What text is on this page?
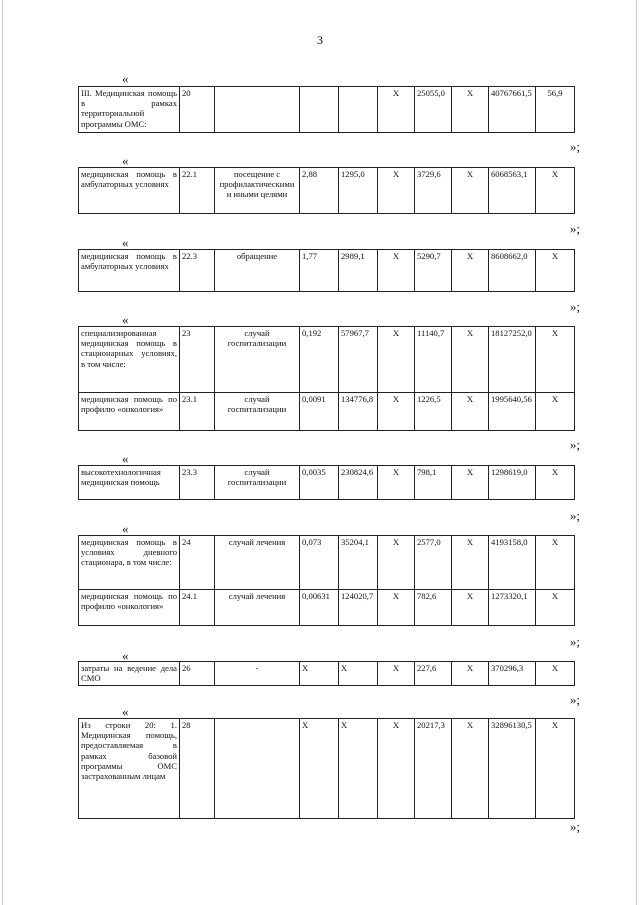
3
«
III. Медицинская помощь в рамках территориальной программы ОМС:	20				X	25055,0	X	40767661,5	56,9
»;
«
медицинская помощь в амбулаторных условиях	22.1	посещение с профилактическими и иными целями	2,88	1295,0	X	3729,6	X	6068563,1	X
»;
«
медицинская помощь в амбулаторных условиях	22.3	обращение	1,77	2989,1	X	5290,7	X	8608662,0	X
»;
«
специализированная медицинская помощь в стационарных условиях, в том числе:	23	случай госпитализации	0,192	57967,7	X	11140,7	X	18127252,0	X
медицинская помощь по профилю «онкология»	23.1	случай госпитализации	0,0091	134776,8	X	1226,5	X	1995640,56	X
»;
«
высокотехнологичная медицинская помощь	23.3	случай госпитализации	0,0035	230824,6	X	798,1	X	1298619,0	X
»;
«
медицинская помощь в условиях дневного стационара, в том числе:	24	случай лечения	0,073	35204,1	X	2577,0	X	4193158,0	X
медицинская помощь по профилю «онкология»	24.1	случай лечения	0,00631	124020,7	X	782,6	X	1273320,1	X
»;
«
затраты на ведение дела СМО	26	-	X	X	X	227,6	X	370296,3	X
»;
«
Из строки 20: 1. Медицинская помощь, предоставляемая в рамках базовой программы ОМС застрахованным лицам	28		X	X	X	20217,3	X	32896130,5	X
»;
